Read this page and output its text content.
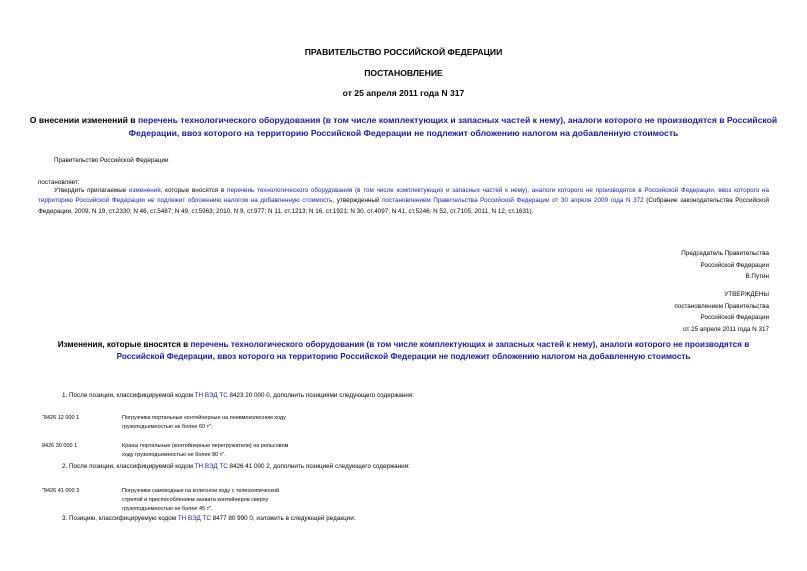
ПРАВИТЕЛЬСТВО РОССИЙСКОЙ ФЕДЕРАЦИИ
ПОСТАНОВЛЕНИЕ
от 25 апреля 2011 года N 317
О внесении изменений в перечень технологического оборудования (в том числе комплектующих и запасных частей к нему), аналоги которого не производятся в Российской Федерации, ввоз которого на территорию Российской Федерации не подлежит обложению налогом на добавленную стоимость
Правительство Российской Федерации
постановляет:
Утвердить прилагаемые изменения, которые вносятся в перечень технологического оборудования (в том числе комплектующих и запасных частей к нему), аналоги которого не производятся в Российской Федерации, ввоз которого на территорию Российской Федерации не подлежит обложению налогом на добавленную стоимость, утвержденный постановлением Правительства Российской Федерации от 30 апреля 2009 года N 372 (Собрание законодательства Российской Федерации, 2009, N 19, ст.2330; N 46, ст.5487; N 49, ст.5963; 2010, N 9, ст.977; N 11, ст.1213; N 16, ст.1921; N 30, ст.4097; N 41, ст.5246; N 52, ст.7105; 2011, N 12, ст.1631).

Председатель Правительства

Российской Федерации

В.Путин

УТВЕРЖДЕНЫ

постановлением Правительства

Российской Федерации

от 25 апреля 2011 года N 317

Изменения, которые вносятся в перечень технологического оборудования (в том числе комплектующих и запасных частей к нему), аналоги которого не производятся в Российской Федерации, ввоз которого на территорию Российской Федерации не подлежит обложению налогом на добавленную стоимость
1. После позиции, классифицируемой кодом ТН ВЭД ТС 8423 20 000 0, дополнить позициями следующего содержания:
"8426 12 000 1	Погрузчики портальные контейнерные на пневмоколесном ходу

грузоподъемностью не более 60 т";

8426 30 000 1	Краны портальные (контейнерные перегружатели) на рельсовом

ходу грузоподъемностью не более 80 т".

2. После позиции, классифицируемой кодом ТН ВЭД ТС 8426 41 000 2, дополнить позицией следующего содержания:
"8426 41 000 3	Погрузчики самоходные на колесном ходу с телескопической

стрелой и приспособлением захвата контейнеров сверху

грузоподъемностью не более 45 т".

3. Позицию, классифицируемую кодом ТН ВЭД ТС 8477 80 990 0, изложить в следующей редакции:
